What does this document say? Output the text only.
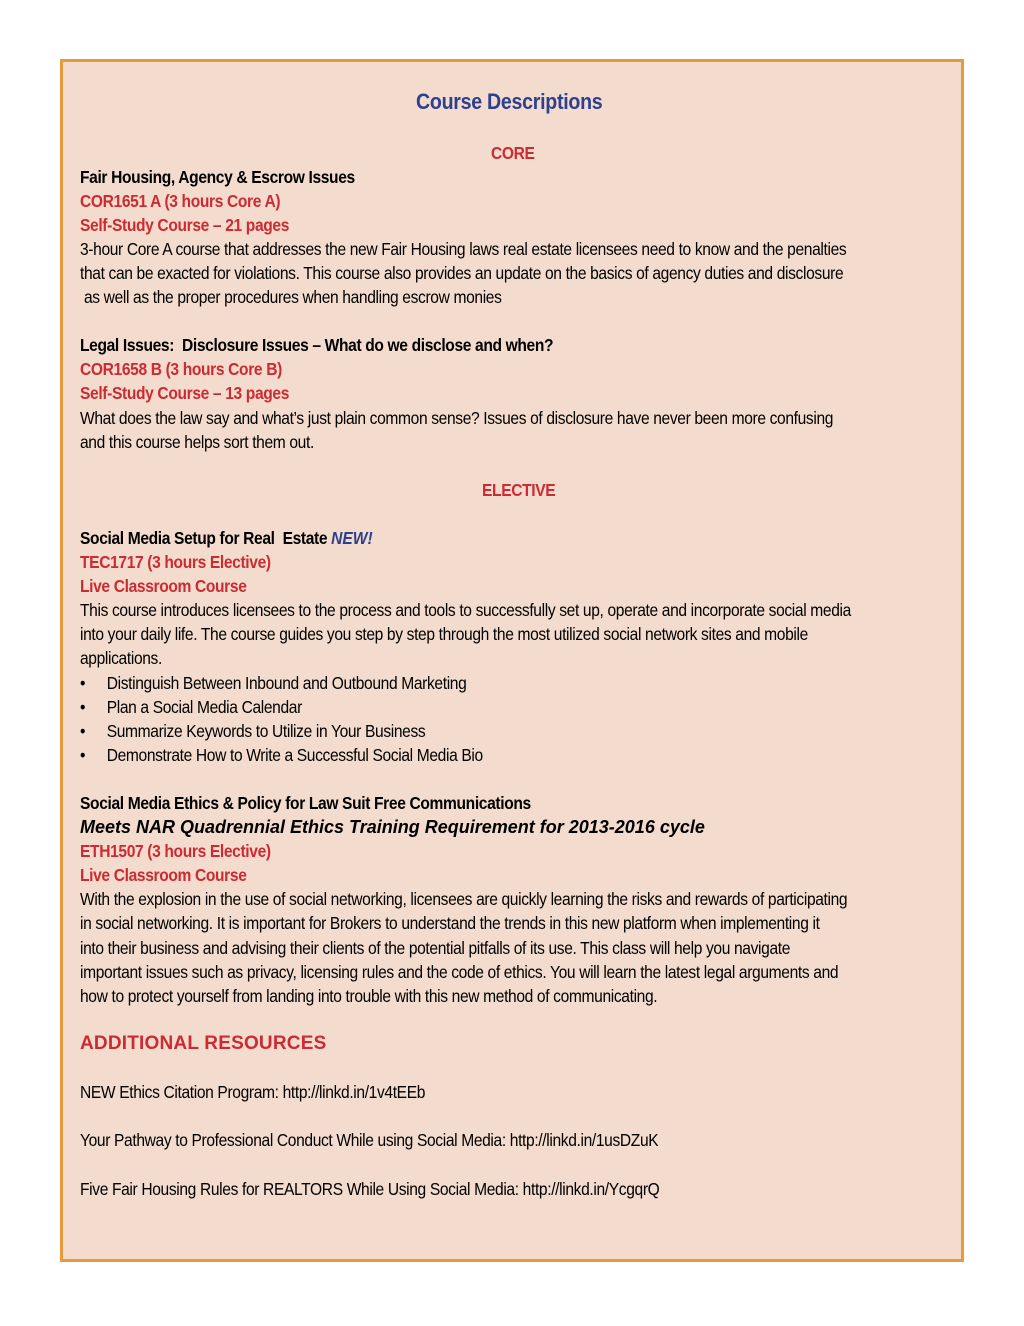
Course Descriptions
CORE
Fair Housing, Agency & Escrow Issues
COR1651 A (3 hours Core A)
Self-Study Course – 21 pages
3-hour Core A course that addresses the new Fair Housing laws real estate licensees need to know and the penalties
that can be exacted for violations. This course also provides an update on the basics of agency duties and disclosure
as well as the proper procedures when handling escrow monies
Legal Issues:  Disclosure Issues – What do we disclose and when?
COR1658 B (3 hours Core B)
Self-Study Course – 13 pages
What does the law say and what’s just plain common sense? Issues of disclosure have never been more confusing
and this course helps sort them out.
ELECTIVE
Social Media Setup for Real  Estate NEW!
TEC1717 (3 hours Elective)
Live Classroom Course
This course introduces licensees to the process and tools to successfully set up, operate and incorporate social media
into your daily life. The course guides you step by step through the most utilized social network sites and mobile
applications.
• Distinguish Between Inbound and Outbound Marketing
• Plan a Social Media Calendar
• Summarize Keywords to Utilize in Your Business
• Demonstrate How to Write a Successful Social Media Bio
Social Media Ethics & Policy for Law Suit Free Communications
Meets NAR Quadrennial Ethics Training Requirement for 2013-2016 cycle
ETH1507 (3 hours Elective)
Live Classroom Course
With the explosion in the use of social networking, licensees are quickly learning the risks and rewards of participating
in social networking. It is important for Brokers to understand the trends in this new platform when implementing it
into their business and advising their clients of the potential pitfalls of its use. This class will help you navigate
important issues such as privacy, licensing rules and the code of ethics. You will learn the latest legal arguments and
how to protect yourself from landing into trouble with this new method of communicating.
ADDITIONAL RESOURCES
NEW Ethics Citation Program: http://linkd.in/1v4tEEb
Your Pathway to Professional Conduct While using Social Media: http://linkd.in/1usDZuK
Five Fair Housing Rules for REALTORS While Using Social Media: http://linkd.in/YcgqrQ
